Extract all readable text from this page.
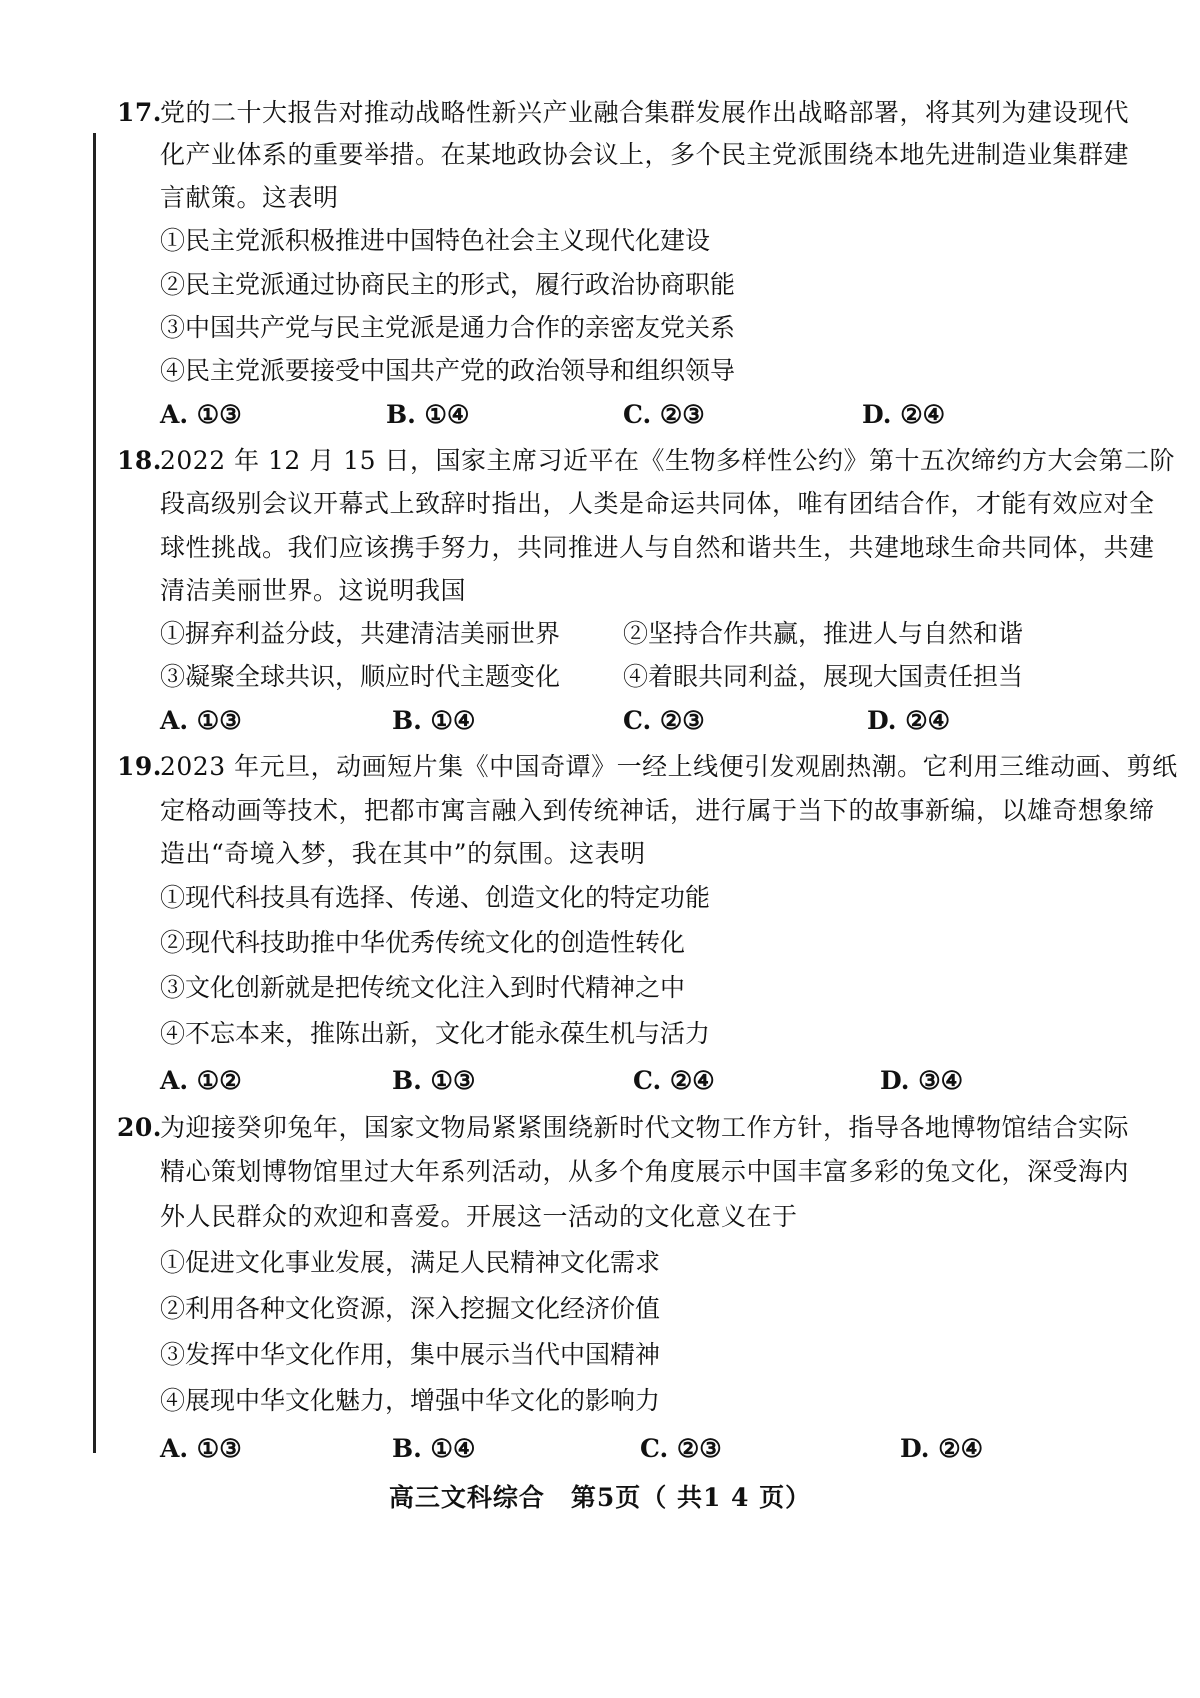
17.
党的二十大报告对推动战略性新兴产业融合集群发展作出战略部署，将其列为建设现代
化产业体系的重要举措。在某地政协会议上，多个民主党派围绕本地先进制造业集群建
言献策。这表明
①民主党派积极推进中国特色社会主义现代化建设
②民主党派通过协商民主的形式，履行政治协商职能
③中国共产党与民主党派是通力合作的亲密友党关系
④民主党派要接受中国共产党的政治领导和组织领导
A. ①③	B. ①④	C. ②③	D. ②④
18.
2022 年 12 月 15 日，国家主席习近平在《生物多样性公约》第十五次缔约方大会第二阶
段高级别会议开幕式上致辞时指出，人类是命运共同体，唯有团结合作，才能有效应对全
球性挑战。我们应该携手努力，共同推进人与自然和谐共生，共建地球生命共同体，共建
清洁美丽世界。这说明我国
①摒弃利益分歧，共建清洁美丽世界	②坚持合作共赢，推进人与自然和谐
③凝聚全球共识，顺应时代主题变化	④着眼共同利益，展现大国责任担当
A. ①③	B. ①④	C. ②③	D. ②④
19.
2023 年元旦，动画短片集《中国奇谭》一经上线便引发观剧热潮。它利用三维动画、剪纸
定格动画等技术，把都市寓言融入到传统神话，进行属于当下的故事新编，以雄奇想象缔
造出“奇境入梦，我在其中”的氛围。这表明
①现代科技具有选择、传递、创造文化的特定功能
②现代科技助推中华优秀传统文化的创造性转化
③文化创新就是把传统文化注入到时代精神之中
④不忘本来，推陈出新，文化才能永葆生机与活力
A. ①②	B. ①③	C. ②④	D. ③④
20.
为迎接癸卯兔年，国家文物局紧紧围绕新时代文物工作方针，指导各地博物馆结合实际
精心策划博物馆里过大年系列活动，从多个角度展示中国丰富多彩的兔文化，深受海内
外人民群众的欢迎和喜爱。开展这一活动的文化意义在于
①促进文化事业发展，满足人民精神文化需求
②利用各种文化资源，深入挖掘文化经济价值
③发挥中华文化作用，集中展示当代中国精神
④展现中华文化魅力，增强中华文化的影响力
A. ①③	B. ①④	C. ②③	D. ②④
高三文科综合　第5页（ 共1 4 页）
